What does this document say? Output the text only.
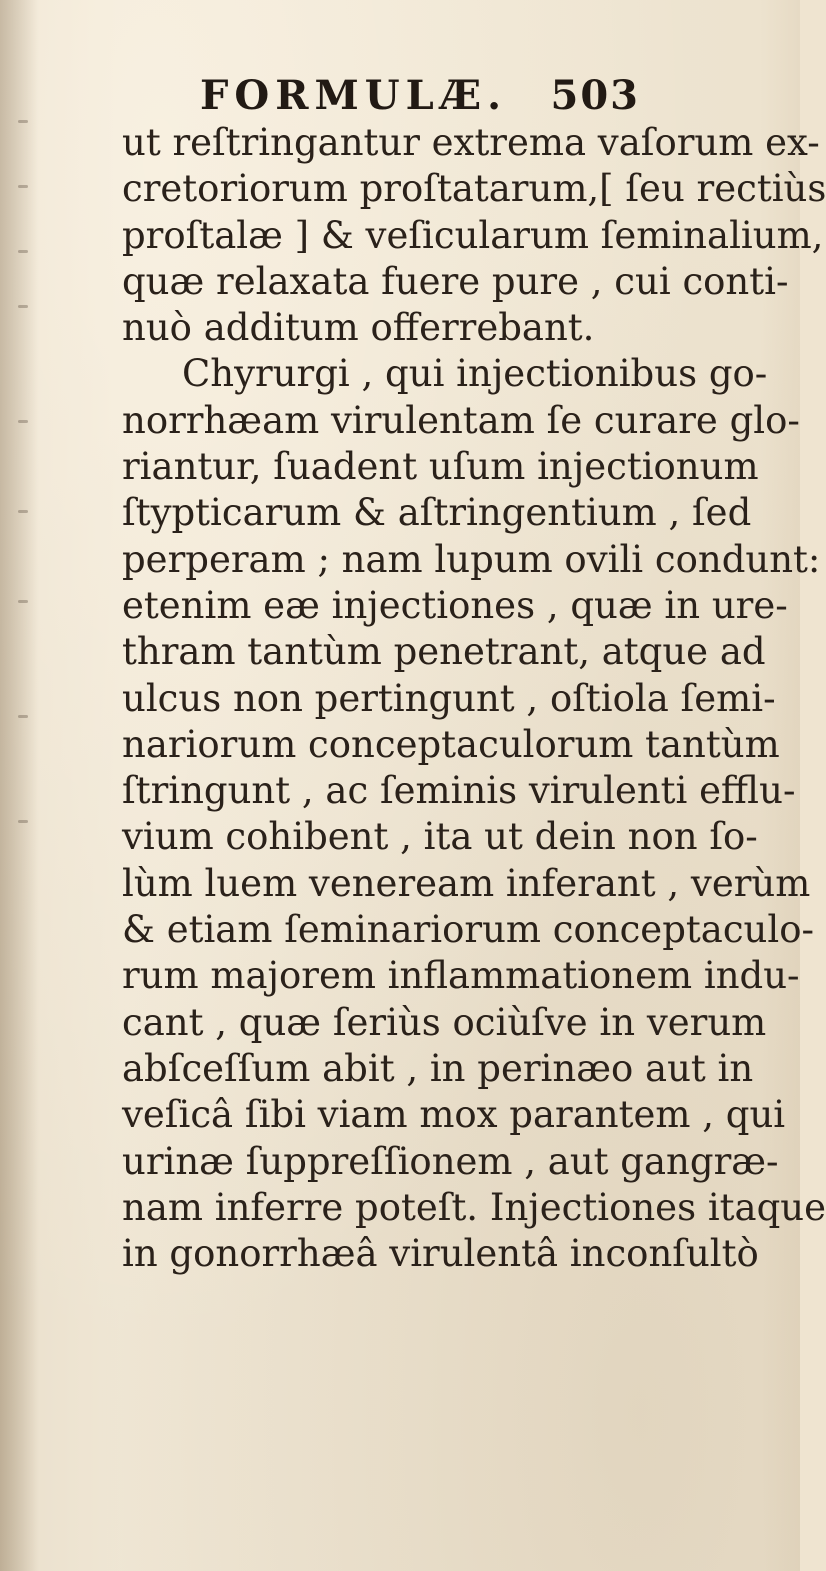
FORMULÆ. 503
ut reſtringantur extrema vaſorum ex-
cretoriorum proſtatarum,[ ſeu rectiùs
proſtalæ ] & veſicularum ſeminalium,
quæ relaxata fuere pure , cui conti-
nuò additum offerrebant.
Chyrurgi , qui injectionibus go-
norrhæam virulentam ſe curare glo-
riantur, ſuadent uſum injectionum
ſtypticarum & aſtringentium , ſed
perperam ; nam lupum ovili condunt:
etenim eæ injectiones , quæ in ure-
thram tantùm penetrant, atque ad
ulcus non pertingunt , oſtiola ſemi-
nariorum conceptaculorum tantùm
ſtringunt , ac ſeminis virulenti efflu-
vium cohibent , ita ut dein non ſo-
lùm luem veneream inferant , verùm
& etiam ſeminariorum conceptaculo-
rum majorem inflammationem indu-
cant , quæ ſeriùs ociùſve in verum
abſceſſum abit , in perinæo aut in
veſicâ ſibi viam mox parantem , qui
urinæ ſuppreſſionem , aut gangræ-
nam inferre poteſt. Injectiones itaque
in gonorrhæâ virulentâ inconſultò
